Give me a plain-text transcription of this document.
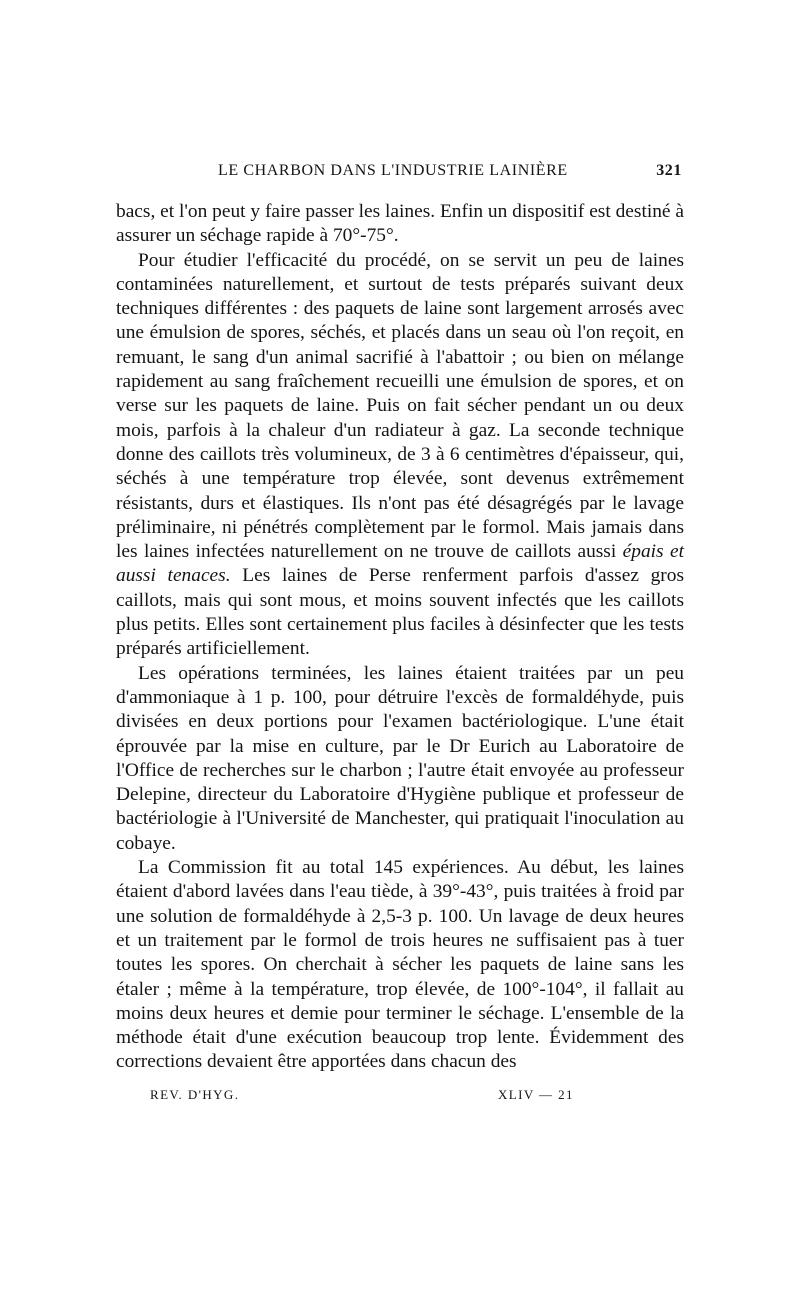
LE CHARBON DANS L'INDUSTRIE LAINIÈRE	321

bacs, et l'on peut y faire passer les laines. Enfin un dispositif est destiné à assurer un séchage rapide à 70°-75°.

Pour étudier l'efficacité du procédé, on se servit un peu de laines contaminées naturellement, et surtout de tests préparés suivant deux techniques différentes : des paquets de laine sont largement arrosés avec une émulsion de spores, séchés, et placés dans un seau où l'on reçoit, en remuant, le sang d'un animal sacrifié à l'abattoir ; ou bien on mélange rapidement au sang fraîchement recueilli une émulsion de spores, et on verse sur les paquets de laine. Puis on fait sécher pendant un ou deux mois, parfois à la chaleur d'un radiateur à gaz. La seconde technique donne des caillots très volumineux, de 3 à 6 centimètres d'épaisseur, qui, séchés à une température trop élevée, sont devenus extrêmement résistants, durs et élastiques. Ils n'ont pas été désagrégés par le lavage préliminaire, ni pénétrés complètement par le formol. Mais jamais dans les laines infectées naturellement on ne trouve de caillots aussi épais et aussi tenaces. Les laines de Perse renferment parfois d'assez gros caillots, mais qui sont mous, et moins souvent infectés que les caillots plus petits. Elles sont certainement plus faciles à désinfecter que les tests préparés artificiellement.

Les opérations terminées, les laines étaient traitées par un peu d'ammoniaque à 1 p. 100, pour détruire l'excès de formaldéhyde, puis divisées en deux portions pour l'examen bactériologique. L'une était éprouvée par la mise en culture, par le Dr Eurich au Laboratoire de l'Office de recherches sur le charbon ; l'autre était envoyée au professeur Delepine, directeur du Laboratoire d'Hygiène publique et professeur de bactériologie à l'Université de Manchester, qui pratiquait l'inoculation au cobaye.

La Commission fit au total 145 expériences. Au début, les laines étaient d'abord lavées dans l'eau tiède, à 39°-43°, puis traitées à froid par une solution de formaldéhyde à 2,5-3 p. 100. Un lavage de deux heures et un traitement par le formol de trois heures ne suffisaient pas à tuer toutes les spores. On cherchait à sécher les paquets de laine sans les étaler ; même à la température, trop élevée, de 100°-104°, il fallait au moins deux heures et demie pour terminer le séchage. L'ensemble de la méthode était d'une exécution beaucoup trop lente. Évidemment des corrections devaient être apportées dans chacun des

REV. D'HYG.	XLIV — 21
